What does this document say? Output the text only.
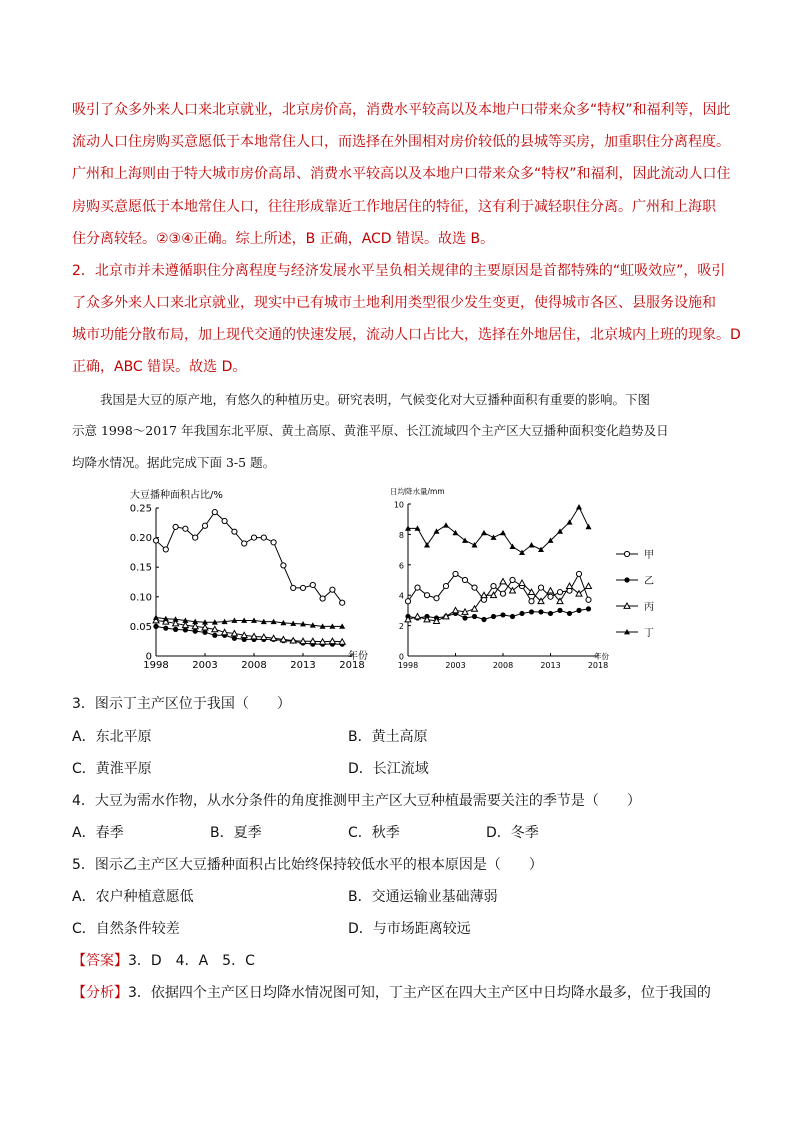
吸引了众多外来人口来北京就业，北京房价高，消费水平较高以及本地户口带来众多“特权”和福利等，因此
流动人口住房购买意愿低于本地常住人口，而选择在外围相对房价较低的县城等买房，加重职住分离程度。
广州和上海则由于特大城市房价高昂、消费水平较高以及本地户口带来众多“特权”和福利，因此流动人口住
房购买意愿低于本地常住人口，往往形成靠近工作地居住的特征，这有利于减轻职住分离。广州和上海职
住分离较轻。②③④正确。综上所述，B 正确，ACD 错误。故选 B。
2．北京市并未遵循职住分离程度与经济发展水平呈负相关规律的主要原因是首都特殊的“虹吸效应”，吸引
了众多外来人口来北京就业，现实中已有城市土地利用类型很少发生变更，使得城市各区、县服务设施和
城市功能分散布局，加上现代交通的快速发展，流动人口占比大，选择在外地居住，北京城内上班的现象。D
正确，ABC 错误。故选 D。
我国是大豆的原产地，有悠久的种植历史。研究表明，气候变化对大豆播种面积有重要的影响。下图
示意 1998～2017 年我国东北平原、黄土高原、黄淮平原、长江流域四个主产区大豆播种面积变化趋势及日
均降水情况。据此完成下面 3-5 题。
0
0.05
0.10
0.15
0.20
0.25
1998 2003 2008 2013 2018
大豆播种面积占比/%
年份	0
2
4
6
8
10
1998	2003	2008	2013	2018
日均降水量/mm
年份
甲
乙
丙
丁
3．图示丁主产区位于我国（　　）
A．东北平原	B．黄土高原
C．黄淮平原	D．长江流域
4．大豆为需水作物，从水分条件的角度推测甲主产区大豆种植最需要关注的季节是（　　）
A．春季	B．夏季	C．秋季	D．冬季
5．图示乙主产区大豆播种面积占比始终保持较低水平的根本原因是（　　）
A．农户种植意愿低	B．交通运输业基础薄弱
C．自然条件较差	D．与市场距离较远
【答案】3．D　4．A　5．C
【分析】3．依据四个主产区日均降水情况图可知，丁主产区在四大主产区中日均降水最多，位于我国的
